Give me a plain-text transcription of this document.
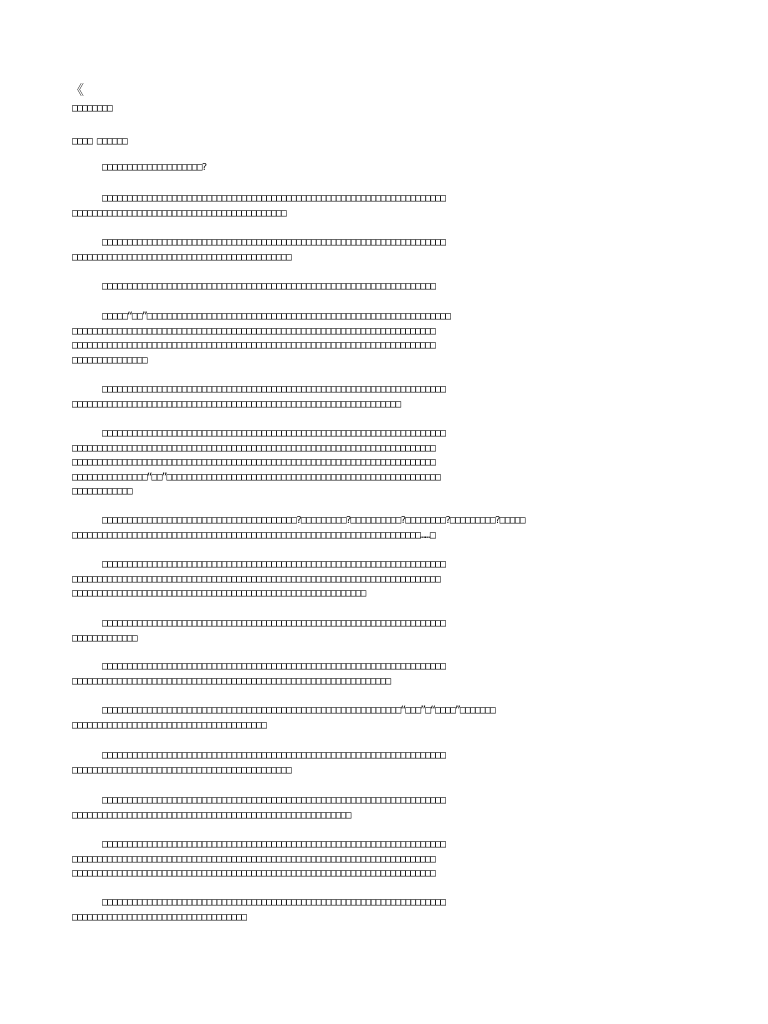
《
□□□□□□□□
□□□□ □□□□□□
□□□□□□□□□□□□□□□□□□□□?
□□□□□□□□□□□□□□□□□□□□□□□□□□□□□□□□□□□□□□□□□□□□□□□□□□□□□□□□□□□□□□□□□□□□□
□□□□□□□□□□□□□□□□□□□□□□□□□□□□□□□□□□□□□□□□□□□
□□□□□□□□□□□□□□□□□□□□□□□□□□□□□□□□□□□□□□□□□□□□□□□□□□□□□□□□□□□□□□□□□□□□□
□□□□□□□□□□□□□□□□□□□□□□□□□□□□□□□□□□□□□□□□□□□□
□□□□□□□□□□□□□□□□□□□□□□□□□□□□□□□□□□□□□□□□□□□□□□□□□□□□□□□□□□□□□□□□□□□
□□□□□“□□”□□□□□□□□□□□□□□□□□□□□□□□□□□□□□□□□□□□□□□□□□□□□□□□□□□□□□□□□□□□□□
□□□□□□□□□□□□□□□□□□□□□□□□□□□□□□□□□□□□□□□□□□□□□□□□□□□□□□□□□□□□□□□□□□□□□□□□□
□□□□□□□□□□□□□□□□□□□□□□□□□□□□□□□□□□□□□□□□□□□□□□□□□□□□□□□□□□□□□□□□□□□□□□□□□
□□□□□□□□□□□□□□□
□□□□□□□□□□□□□□□□□□□□□□□□□□□□□□□□□□□□□□□□□□□□□□□□□□□□□□□□□□□□□□□□□□□□□
□□□□□□□□□□□□□□□□□□□□□□□□□□□□□□□□□□□□□□□□□□□□□□□□□□□□□□□□□□□□□□□□□□
□□□□□□□□□□□□□□□□□□□□□□□□□□□□□□□□□□□□□□□□□□□□□□□□□□□□□□□□□□□□□□□□□□□□□
□□□□□□□□□□□□□□□□□□□□□□□□□□□□□□□□□□□□□□□□□□□□□□□□□□□□□□□□□□□□□□□□□□□□□□□□□
□□□□□□□□□□□□□□□□□□□□□□□□□□□□□□□□□□□□□□□□□□□□□□□□□□□□□□□□□□□□□□□□□□□□□□□□□
□□□□□□□□□□□□□□□“□□”□□□□□□□□□□□□□□□□□□□□□□□□□□□□□□□□□□□□□□□□□□□□□□□□□□□□□□□
□□□□□□□□□□□□
□□□□□□□□□□□□□□□□□□□□□□□□□□□□□□□□□□□□□□□?□□□□□□□□□?□□□□□□□□□□?□□□□□□□□?□□□□□□□□□?□□□□□
□□□□□□□□□□□□□□□□□□□□□□□□□□□□□□□□□□□□□□□□□□□□□□□□□□□□□□□□□□□□□□□□□□□□□□……□
□□□□□□□□□□□□□□□□□□□□□□□□□□□□□□□□□□□□□□□□□□□□□□□□□□□□□□□□□□□□□□□□□□□□□
□□□□□□□□□□□□□□□□□□□□□□□□□□□□□□□□□□□□□□□□□□□□□□□□□□□□□□□□□□□□□□□□□□□□□□□□□□
□□□□□□□□□□□□□□□□□□□□□□□□□□□□□□□□□□□□□□□□□□□□□□□□□□□□□□□□□□□
□□□□□□□□□□□□□□□□□□□□□□□□□□□□□□□□□□□□□□□□□□□□□□□□□□□□□□□□□□□□□□□□□□□□□
□□□□□□□□□□□□□
□□□□□□□□□□□□□□□□□□□□□□□□□□□□□□□□□□□□□□□□□□□□□□□□□□□□□□□□□□□□□□□□□□□□□
□□□□□□□□□□□□□□□□□□□□□□□□□□□□□□□□□□□□□□□□□□□□□□□□□□□□□□□□□□□□□□□□
□□□□□□□□□□□□□□□□□□□□□□□□□□□□□□□□□□□□□□□□□□□□□□□□□□□□□□□□□□□□“□□□”□“□□□□”□□□□□□□
□□□□□□□□□□□□□□□□□□□□□□□□□□□□□□□□□□□□□□□
□□□□□□□□□□□□□□□□□□□□□□□□□□□□□□□□□□□□□□□□□□□□□□□□□□□□□□□□□□□□□□□□□□□□□
□□□□□□□□□□□□□□□□□□□□□□□□□□□□□□□□□□□□□□□□□□□□
□□□□□□□□□□□□□□□□□□□□□□□□□□□□□□□□□□□□□□□□□□□□□□□□□□□□□□□□□□□□□□□□□□□□□
□□□□□□□□□□□□□□□□□□□□□□□□□□□□□□□□□□□□□□□□□□□□□□□□□□□□□□□□
□□□□□□□□□□□□□□□□□□□□□□□□□□□□□□□□□□□□□□□□□□□□□□□□□□□□□□□□□□□□□□□□□□□□□
□□□□□□□□□□□□□□□□□□□□□□□□□□□□□□□□□□□□□□□□□□□□□□□□□□□□□□□□□□□□□□□□□□□□□□□□□
□□□□□□□□□□□□□□□□□□□□□□□□□□□□□□□□□□□□□□□□□□□□□□□□□□□□□□□□□□□□□□□□□□□□□□□□□
□□□□□□□□□□□□□□□□□□□□□□□□□□□□□□□□□□□□□□□□□□□□□□□□□□□□□□□□□□□□□□□□□□□□□
□□□□□□□□□□□□□□□□□□□□□□□□□□□□□□□□□□□
